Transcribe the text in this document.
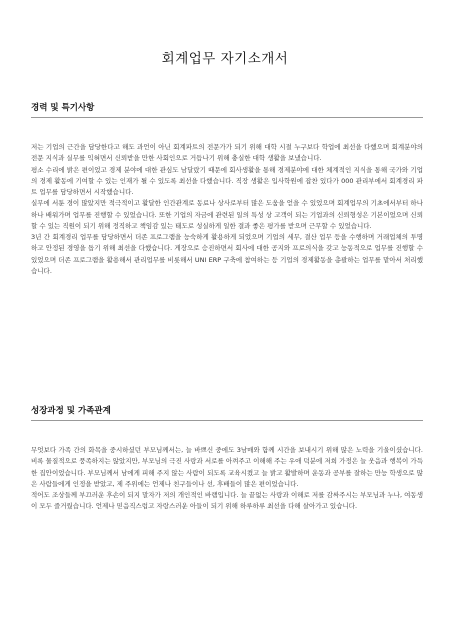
회계업무 자기소개서
경력 및 특기사항

저는 기업의 근간을 담당한다고 해도 과언이 아닌 회계파트의 전문가가 되기 위해 대학 시절 누구보다 학업에 최선을 다했으며 회계분야의 전문 지식과 실무를 익혀면서 신뢰받을 만한 사회인으로 거듭나기 위해 충실한 대학 생활을 보냈습니다.

평소 수리에 밝은 편이었고 경제 분야에 대한 관심도 남달랐기 때문에 회사생활을 통해 경제분야에 대한 체계적인 지식을 통해 국가와 기업의 경제 활동에 기여할 수 있는 인재가 될 수 있도록 최선을 다했습니다. 직장 생활은 입사학원에 잡찬 있다가 000 관리부에서 회계경리 파트 업무를 담당하면서 시작했습니다.

실무에 서툰 경이 많았지만 적극적이고 활달한 인간관계로 동료나 상사로부터 많은 도움을 얻을 수 있었으며 회계업무의 기초에서부터 하나하나 배워가며 업무를 진행할 수 있었습니다. 또한 기업의 자금에 관련된 일의 특성 상 고객이 되는 기업과의 신뢰형성은 기본이었으며 신뢰할 수 있는 직원이 되기 위해 정직하고 책임감 있는 태도로 성실하게 일한 결과 좋은 평가를 받으며 근무할 수 있었습니다.

3년 간 회계경리 업무를 담당하면서 더존 프로그램을 능숙하게 활용하게 되었으며 기업의 세무, 결산 업무 등을 수행하며 거래업체의 투명하고 안정된 경영을 돕기 위해 최선을 다했습니다. 게장으로 승진하면서 회사에 대한 공지와 프로의식을 갖고 능동적으로 업무를 진행할 수 있었으며 더존 프로그램을 활용해서 관리업무를 비롯해서 UNI ERP 구축에 참여하는 등 기업의 경제활동을 총괄하는 업무를 맡아서 처리했습니다.

성장과정 및 가족관계

무엇보다 가족 간의 화목을 중시하셨던 부모님께서는, 늘 바쁘신 중에도 3남매와 함께 시간을 보내시기 위해 많은 노력을 기울이셨습니다. 비록 물질적으로 풍족하지는 않았지만, 부모님의 극진 사랑과 서로를 아껴주고 이해해 주는 우애 덕분에 저희 가정은 늘 웃음과 행복이 가득한 집안이었습니다. 부모님께서 남에게 피해 주지 않는 사람이 되도록 교육시켰고 늘 밝고 활발하며 운동과 공부를 잘하는 만능 학생으로 많은 사람들에게 인정을 받았고, 제 주위에는 언제나 친구들이나 선, 후배들이 많은 편이었습니다.

적어도 조상들께 부끄러운 후손이 되지 말자가 저의 개인적인 바램입니다. 늘 끝없는 사랑과 이해로 저를 감싸주시는 부모님과 누나, 여동생이 모두 즐거웠습니다. 언제나 믿음직스럽고 자랑스러운 아들이 되기 위해 하루하루 최선을 다해 살아가고 있습니다.
